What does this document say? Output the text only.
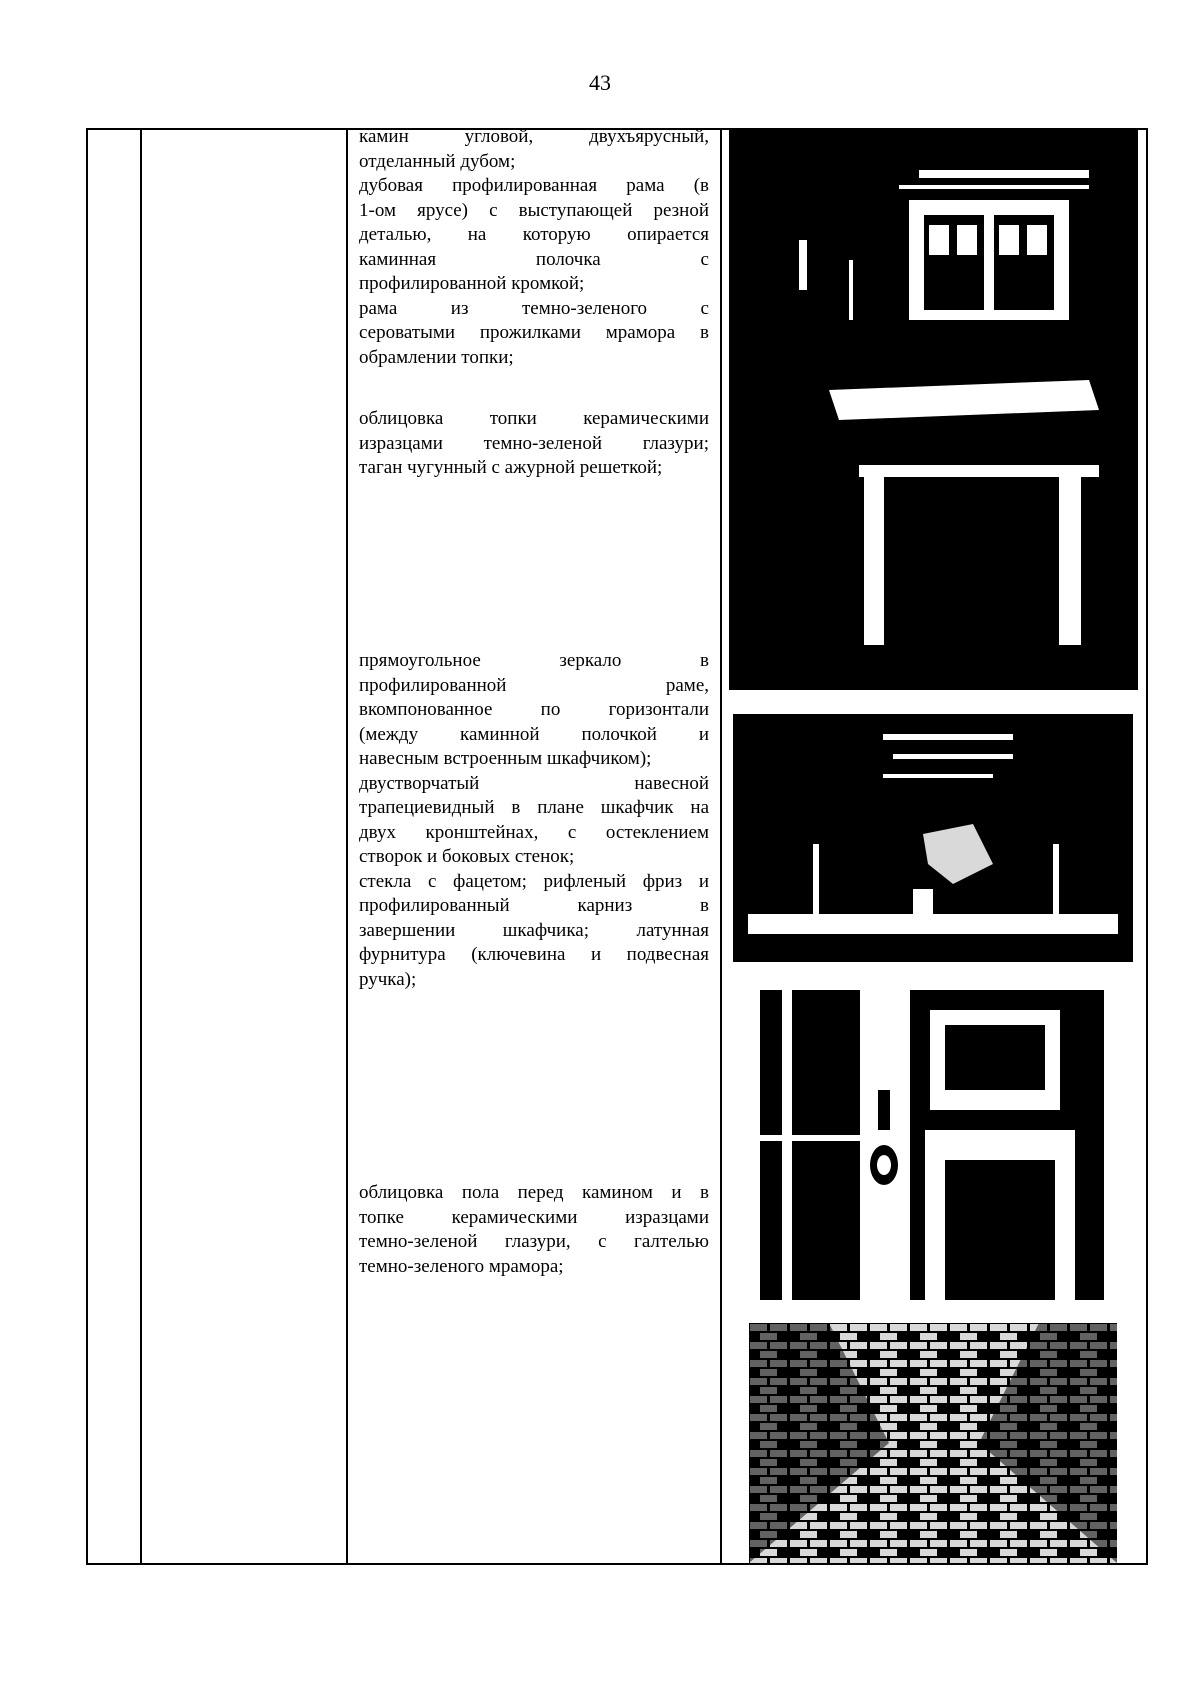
43
камин угловой, двухъярусный,
отделанный дубом;
дубовая профилированная рама (в
1-ом ярусе) с выступающей резной
деталью, на которую опирается
каминная полочка с
профилированной кромкой;
рама из темно-зеленого с
сероватыми прожилками мрамора в
обрамлении топки;
облицовка топки керамическими
изразцами темно-зеленой глазури;
таган чугунный с ажурной решеткой;
прямоугольное зеркало в
профилированной раме,
вкомпонованное по горизонтали
(между каминной полочкой и
навесным встроенным шкафчиком);
двустворчатый навесной
трапециевидный в плане шкафчик на
двух кронштейнах, с остеклением
створок и боковых стенок;
стекла с фацетом; рифленый фриз и
профилированный карниз в
завершении шкафчика; латунная
фурнитура (ключевина и подвесная
ручка);
облицовка пола перед камином и в
топке керамическими изразцами
темно-зеленой глазури, с галтелью
темно-зеленого мрамора;
